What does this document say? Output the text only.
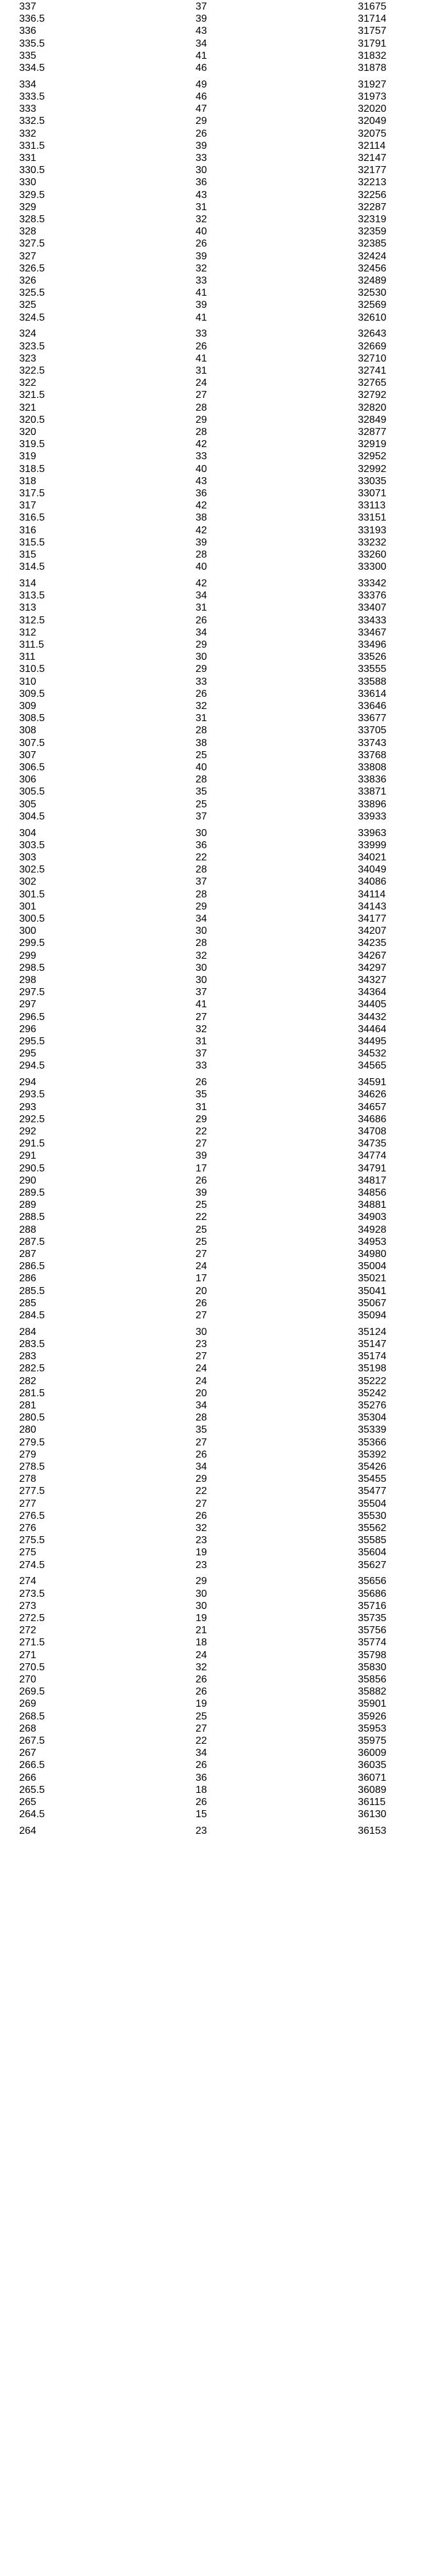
337	37	31675
336.5	39	31714
336	43	31757
335.5	34	31791
335	41	31832
334.5	46	31878
334	49	31927
333.5	46	31973
333	47	32020
332.5	29	32049
332	26	32075
331.5	39	32114
331	33	32147
330.5	30	32177
330	36	32213
329.5	43	32256
329	31	32287
328.5	32	32319
328	40	32359
327.5	26	32385
327	39	32424
326.5	32	32456
326	33	32489
325.5	41	32530
325	39	32569
324.5	41	32610
324	33	32643
323.5	26	32669
323	41	32710
322.5	31	32741
322	24	32765
321.5	27	32792
321	28	32820
320.5	29	32849
320	28	32877
319.5	42	32919
319	33	32952
318.5	40	32992
318	43	33035
317.5	36	33071
317	42	33113
316.5	38	33151
316	42	33193
315.5	39	33232
315	28	33260
314.5	40	33300
314	42	33342
313.5	34	33376
313	31	33407
312.5	26	33433
312	34	33467
311.5	29	33496
311	30	33526
310.5	29	33555
310	33	33588
309.5	26	33614
309	32	33646
308.5	31	33677
308	28	33705
307.5	38	33743
307	25	33768
306.5	40	33808
306	28	33836
305.5	35	33871
305	25	33896
304.5	37	33933
304	30	33963
303.5	36	33999
303	22	34021
302.5	28	34049
302	37	34086
301.5	28	34114
301	29	34143
300.5	34	34177
300	30	34207
299.5	28	34235
299	32	34267
298.5	30	34297
298	30	34327
297.5	37	34364
297	41	34405
296.5	27	34432
296	32	34464
295.5	31	34495
295	37	34532
294.5	33	34565
294	26	34591
293.5	35	34626
293	31	34657
292.5	29	34686
292	22	34708
291.5	27	34735
291	39	34774
290.5	17	34791
290	26	34817
289.5	39	34856
289	25	34881
288.5	22	34903
288	25	34928
287.5	25	34953
287	27	34980
286.5	24	35004
286	17	35021
285.5	20	35041
285	26	35067
284.5	27	35094
284	30	35124
283.5	23	35147
283	27	35174
282.5	24	35198
282	24	35222
281.5	20	35242
281	34	35276
280.5	28	35304
280	35	35339
279.5	27	35366
279	26	35392
278.5	34	35426
278	29	35455
277.5	22	35477
277	27	35504
276.5	26	35530
276	32	35562
275.5	23	35585
275	19	35604
274.5	23	35627
274	29	35656
273.5	30	35686
273	30	35716
272.5	19	35735
272	21	35756
271.5	18	35774
271	24	35798
270.5	32	35830
270	26	35856
269.5	26	35882
269	19	35901
268.5	25	35926
268	27	35953
267.5	22	35975
267	34	36009
266.5	26	36035
266	36	36071
265.5	18	36089
265	26	36115
264.5	15	36130
264	23	36153
